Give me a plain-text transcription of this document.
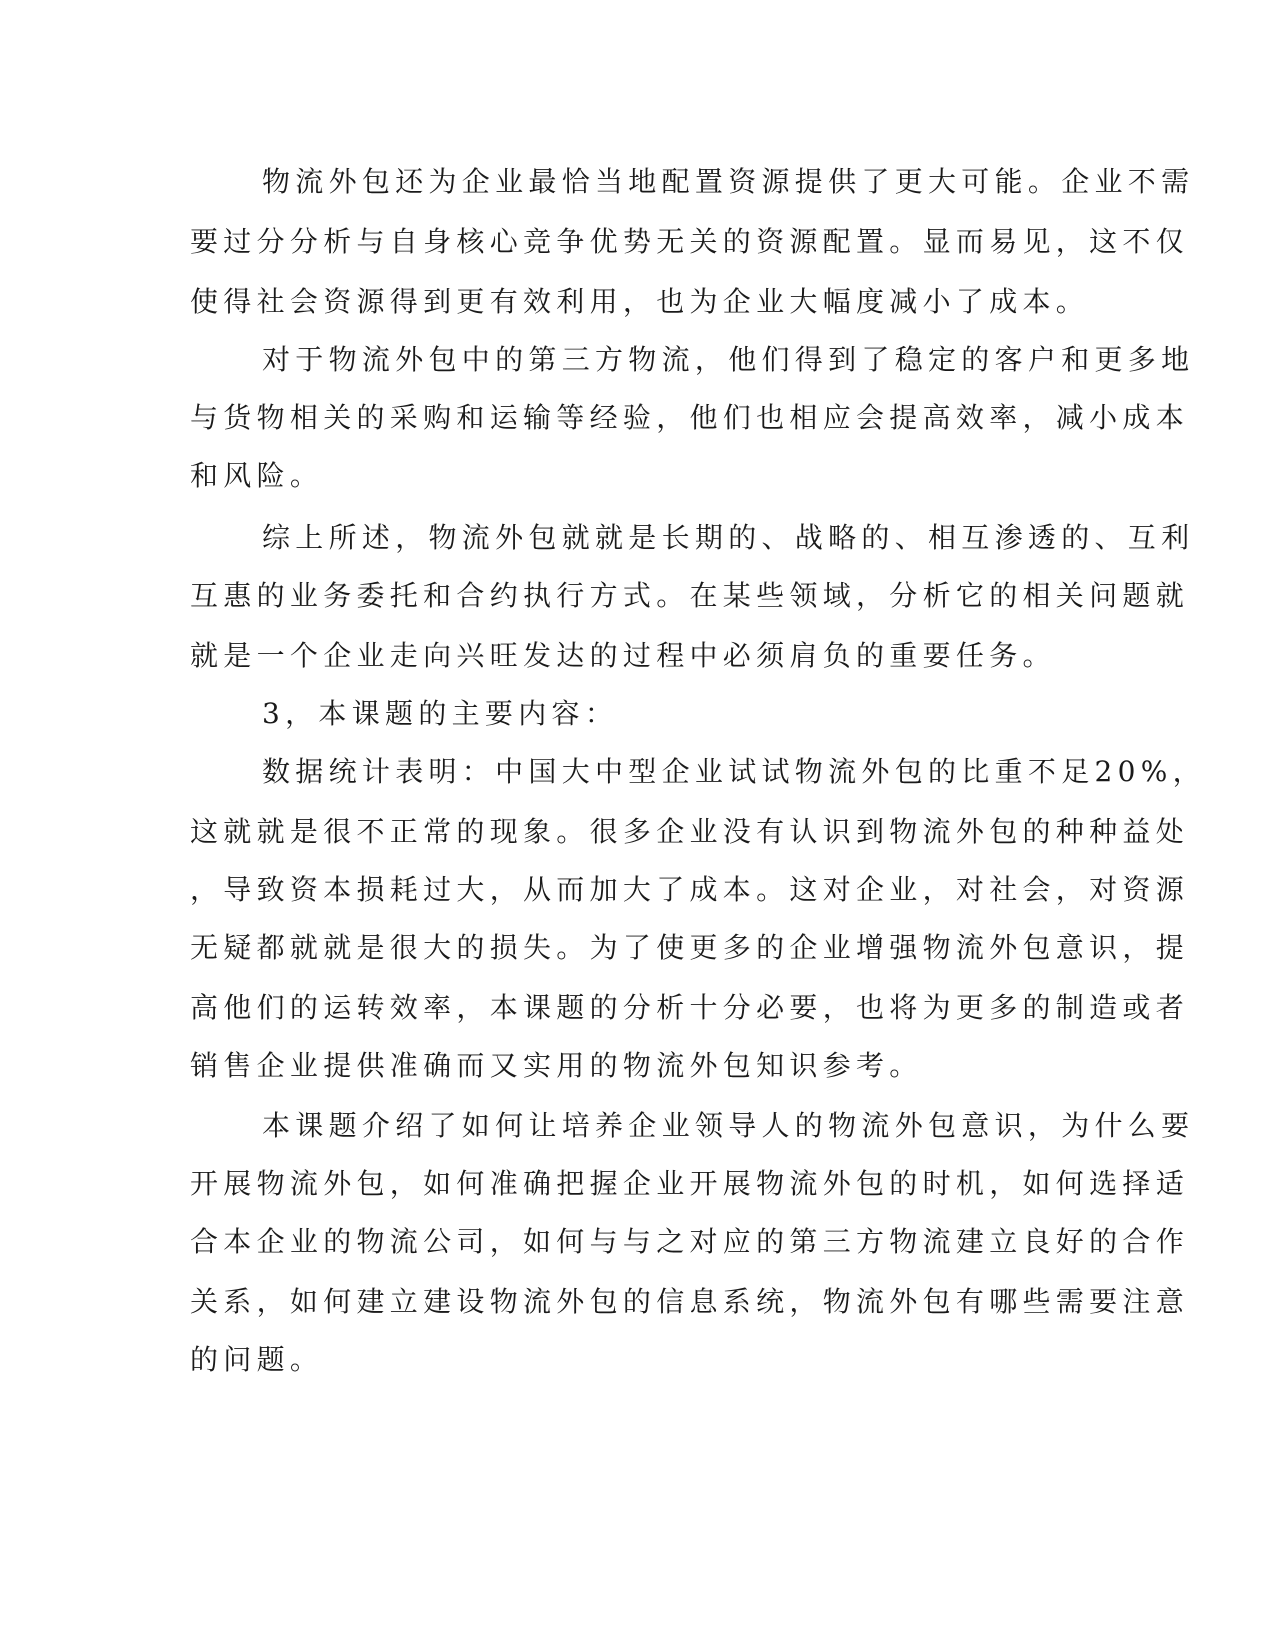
物流外包还为企业最恰当地配置资源提供了更大可能。企业不需

要过分分析与自身核心竞争优势无关的资源配置。显而易见，这不仅

使得社会资源得到更有效利用，也为企业大幅度减小了成本。

对于物流外包中的第三方物流，他们得到了稳定的客户和更多地

与货物相关的采购和运输等经验，他们也相应会提高效率，减小成本

和风险。

综上所述，物流外包就就是长期的、战略的、相互渗透的、互利

互惠的业务委托和合约执行方式。在某些领域，分析它的相关问题就

就是一个企业走向兴旺发达的过程中必须肩负的重要任务。

3，本课题的主要内容：

数据统计表明：中国大中型企业试试物流外包的比重不足20%，

这就就是很不正常的现象。很多企业没有认识到物流外包的种种益处

，导致资本损耗过大，从而加大了成本。这对企业，对社会，对资源

无疑都就就是很大的损失。为了使更多的企业增强物流外包意识，提

高他们的运转效率，本课题的分析十分必要，也将为更多的制造或者

销售企业提供准确而又实用的物流外包知识参考。

本课题介绍了如何让培养企业领导人的物流外包意识，为什么要

开展物流外包，如何准确把握企业开展物流外包的时机，如何选择适

合本企业的物流公司，如何与与之对应的第三方物流建立良好的合作

关系，如何建立建设物流外包的信息系统，物流外包有哪些需要注意

的问题。
